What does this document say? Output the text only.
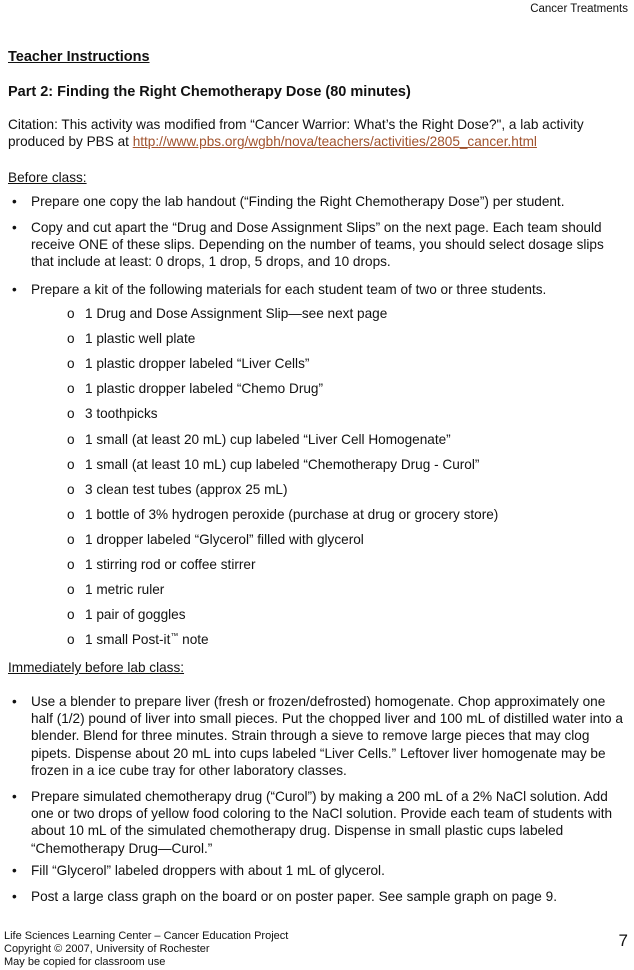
Cancer Treatments
Teacher Instructions
Part 2: Finding the Right Chemotherapy Dose (80 minutes)
Citation: This activity was modified from “Cancer Warrior: What’s the Right Dose?", a lab activity produced by PBS at http://www.pbs.org/wgbh/nova/teachers/activities/2805_cancer.html
Before class:
• Prepare one copy the lab handout (“Finding the Right Chemotherapy Dose”) per student.
• Copy and cut apart the “Drug and Dose Assignment Slips” on the next page. Each team should receive ONE of these slips. Depending on the number of teams, you should select dosage slips that include at least: 0 drops, 1 drop, 5 drops, and 10 drops.
• Prepare a kit of the following materials for each student team of two or three students.
o 1 Drug and Dose Assignment Slip—see next page
o 1 plastic well plate
o 1 plastic dropper labeled “Liver Cells”
o 1 plastic dropper labeled “Chemo Drug”
o 3 toothpicks
o 1 small (at least 20 mL) cup labeled “Liver Cell Homogenate”
o 1 small (at least 10 mL) cup labeled “Chemotherapy Drug - Curol”
o 3 clean test tubes (approx 25 mL)
o 1 bottle of 3% hydrogen peroxide (purchase at drug or grocery store)
o 1 dropper labeled “Glycerol” filled with glycerol
o 1 stirring rod or coffee stirrer
o 1 metric ruler
o 1 pair of goggles
o 1 small Post-it™ note
Immediately before lab class:
• Use a blender to prepare liver (fresh or frozen/defrosted) homogenate. Chop approximately one half (1/2) pound of liver into small pieces. Put the chopped liver and 100 mL of distilled water into a blender. Blend for three minutes. Strain through a sieve to remove large pieces that may clog pipets. Dispense about 20 mL into cups labeled “Liver Cells.” Leftover liver homogenate may be frozen in a ice cube tray for other laboratory classes.
• Prepare simulated chemotherapy drug (“Curol”) by making a 200 mL of a 2% NaCl solution. Add one or two drops of yellow food coloring to the NaCl solution. Provide each team of students with about 10 mL of the simulated chemotherapy drug. Dispense in small plastic cups labeled “Chemotherapy Drug—Curol.”
• Fill “Glycerol” labeled droppers with about 1 mL of glycerol.
• Post a large class graph on the board or on poster paper. See sample graph on page 9.
Life Sciences Learning Center – Cancer Education Project
Copyright © 2007, University of Rochester
May be copied for classroom use
7
